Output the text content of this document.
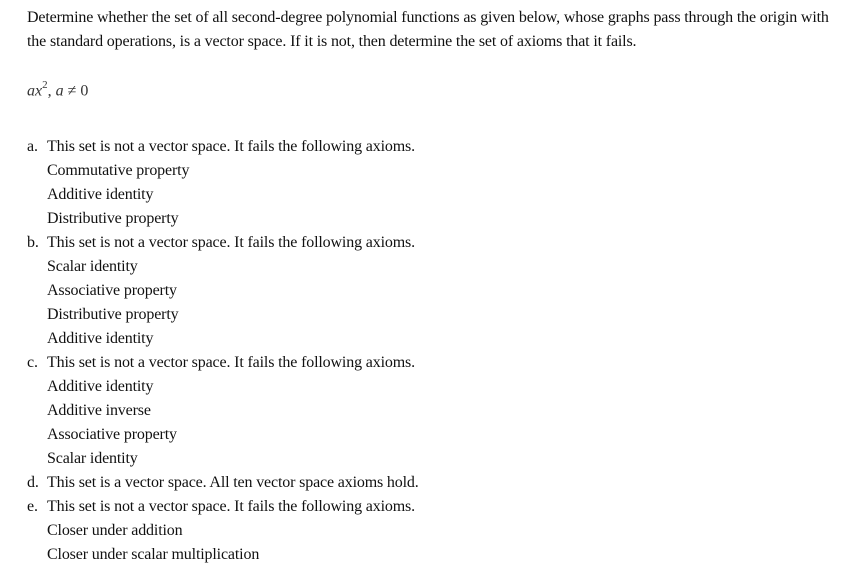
Determine whether the set of all second-degree polynomial functions as given below, whose graphs pass through the origin with the standard operations, is a vector space. If it is not, then determine the set of axioms that it fails.
$ax^2$, a ≠ 0
a. This set is not a vector space. It fails the following axioms.
Commutative property
Additive identity
Distributive property
b. This set is not a vector space. It fails the following axioms.
Scalar identity
Associative property
Distributive property
Additive identity
c. This set is not a vector space. It fails the following axioms.
Additive identity
Additive inverse
Associative property
Scalar identity
d. This set is a vector space. All ten vector space axioms hold.
e. This set is not a vector space. It fails the following axioms.
Closer under addition
Closer under scalar multiplication
